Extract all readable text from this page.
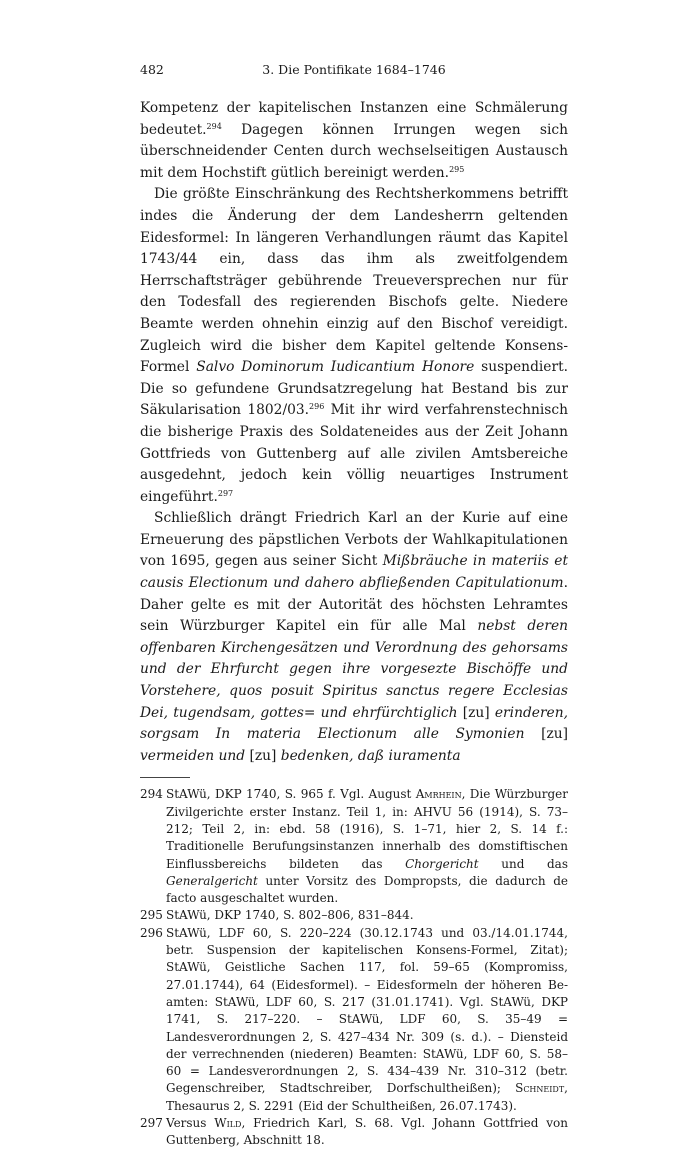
482	3. Die Pontifikate 1684–1746

Kompetenz der kapitelischen Instanzen eine Schmälerung bedeutet.$^{294}$ Dagegen können Irrungen wegen sich überschneidender Centen durch wechselseitigen Austausch mit dem Hochstift gütlich bereinigt werden.$^{295}$

Die größte Einschränkung des Rechtsherkommens betrifft indes die Änderung der dem Landesherrn geltenden Eidesformel: In längeren Verhandlungen räumt das Kapitel 1743/44 ein, dass das ihm als zweitfolgendem Herrschaftsträger gebührende Treueversprechen nur für den Todesfall des regierenden Bischofs gelte. Niedere Beamte werden ohnehin einzig auf den Bischof vereidigt. Zugleich wird die bisher dem Kapitel geltende Konsens-Formel Salvo Dominorum Iudicantium Honore suspendiert. Die so gefundene Grundsatzregelung hat Bestand bis zur Säkularisation 1802/03.$^{296}$ Mit ihr wird verfahrenstechnisch die bisherige Praxis des Soldateneides aus der Zeit Johann Gottfrieds von Guttenberg auf alle zivilen Amtsbereiche ausgedehnt, jedoch kein völlig neuartiges Instrument eingeführt.$^{297}$

Schließlich drängt Friedrich Karl an der Kurie auf eine Erneuerung des päpstlichen Verbots der Wahlkapitulationen von 1695, gegen aus seiner Sicht Mißbräuche in materiis et causis Electionum und dahero abfließenden Capitulationum. Daher gelte es mit der Autorität des höchsten Lehramtes sein Würzburger Kapitel ein für alle Mal nebst deren offenbaren Kirchengesätzen und Verordnung des gehorsams und der Ehrfurcht gegen ihre vorgesezte Bischöffe und Vorstehere, quos posuit Spiritus sanctus regere Ecclesias Dei, tugendsam, gottes= und ehrfürchtiglich [zu] erinderen, sorgsam In materia Electionum alle Symonien [zu] vermeiden und [zu] bedenken, daß iuramenta

294 StAWü, DKP 1740, S. 965 f. Vgl. August Amrhein, Die Würzburger Zivilgerichte erster Instanz. Teil 1, in: AHVU 56 (1914), S. 73–212; Teil 2, in: ebd. 58 (1916), S. 1–71, hier 2, S. 14 f.: Traditionelle Berufungsinstanzen innerhalb des domstiftischen Einflussbereichs bildeten das Chorgericht und das Generalgericht unter Vorsitz des Dompropsts, die dadurch de facto ausgeschaltet wurden.
295 StAWü, DKP 1740, S. 802–806, 831–844.
296 StAWü, LDF 60, S. 220–224 (30.12.1743 und 03./14.01.1744, betr. Suspension der kapitelischen Konsens-Formel, Zitat); StAWü, Geistliche Sachen 117, fol. 59–65 (Kompromiss, 27.01.1744), 64 (Eidesformel). – Eidesformeln der höheren Beamten: StAWü, LDF 60, S. 217 (31.01.1741). Vgl. StAWü, DKP 1741, S. 217–220. – StAWü, LDF 60, S. 35–49 = Landesverordnungen 2, S. 427–434 Nr. 309 (s. d.). – Diensteid der verrechnenden (niederen) Beamten: StAWü, LDF 60, S. 58–60 = Landesverordnungen 2, S. 434–439 Nr. 310–312 (betr. Gegenschreiber, Stadtschreiber, Dorfschultheißen); Schneidt, Thesaurus 2, S. 2291 (Eid der Schultheißen, 26.07.1743).
297 Versus Wild, Friedrich Karl, S. 68. Vgl. Johann Gottfried von Guttenberg, Abschnitt 18.
